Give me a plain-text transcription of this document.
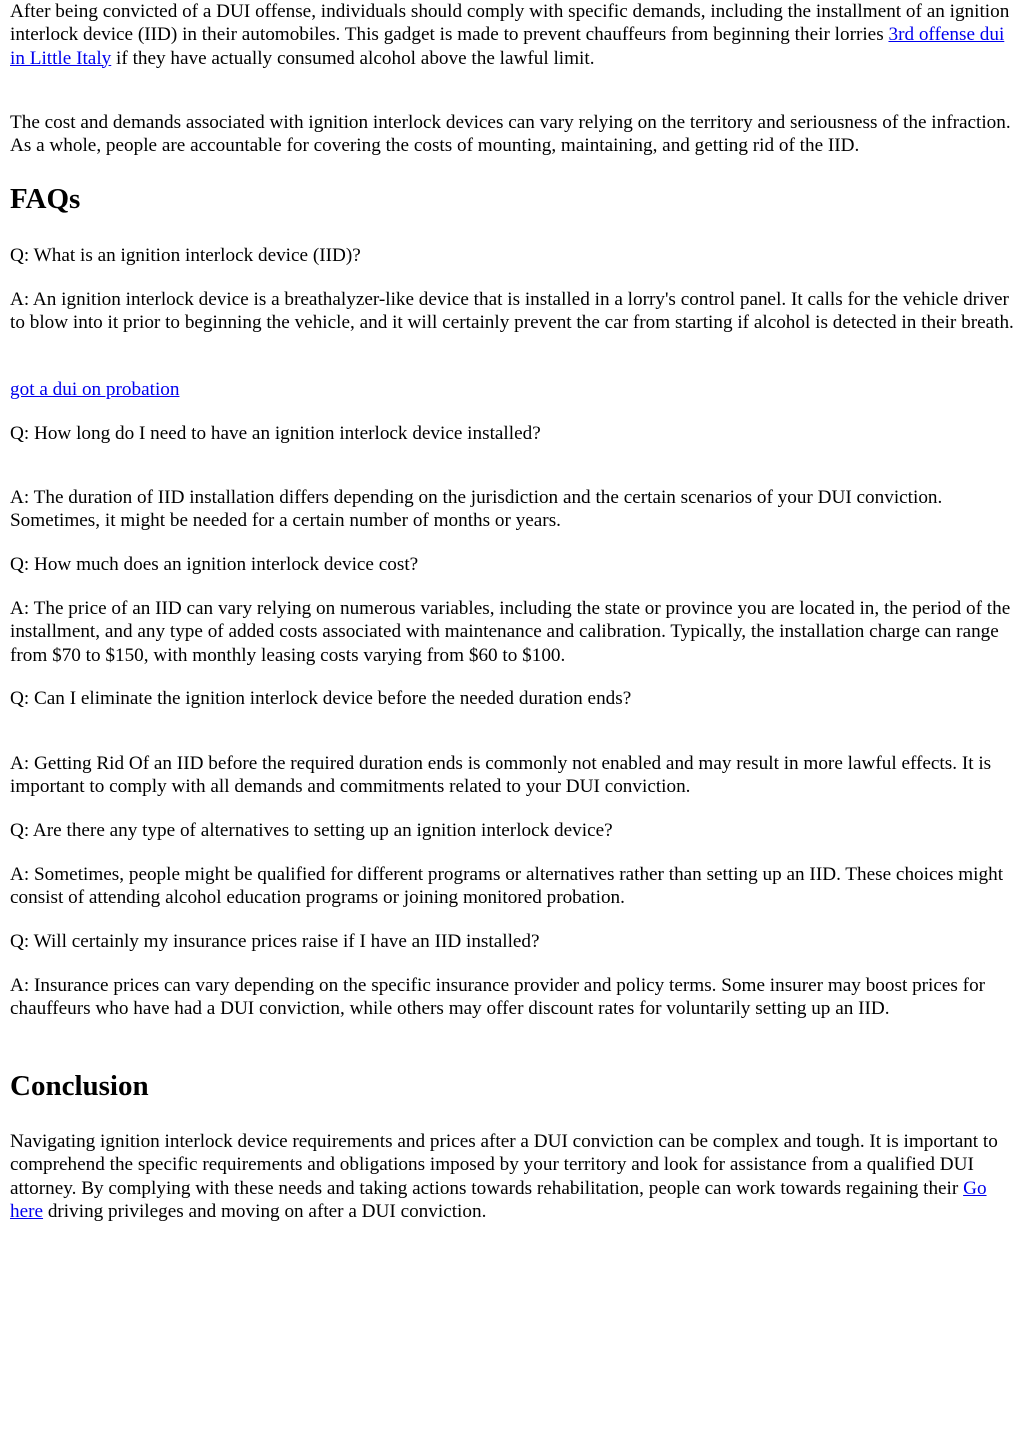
After being convicted of a DUI offense, individuals should comply with specific demands, including the installment of an ignition interlock device (IID) in their automobiles. This gadget is made to prevent chauffeurs from beginning their lorries 3rd offense dui in Little Italy if they have actually consumed alcohol above the lawful limit.

The cost and demands associated with ignition interlock devices can vary relying on the territory and seriousness of the infraction. As a whole, people are accountable for covering the costs of mounting, maintaining, and getting rid of the IID.

FAQs

Q: What is an ignition interlock device (IID)?

A: An ignition interlock device is a breathalyzer-like device that is installed in a lorry's control panel. It calls for the vehicle driver to blow into it prior to beginning the vehicle, and it will certainly prevent the car from starting if alcohol is detected in their breath.

got a dui on probation

Q: How long do I need to have an ignition interlock device installed?

A: The duration of IID installation differs depending on the jurisdiction and the certain scenarios of your DUI conviction. Sometimes, it might be needed for a certain number of months or years.

Q: How much does an ignition interlock device cost?

A: The price of an IID can vary relying on numerous variables, including the state or province you are located in, the period of the installment, and any type of added costs associated with maintenance and calibration. Typically, the installation charge can range from $70 to $150, with monthly leasing costs varying from $60 to $100.

Q: Can I eliminate the ignition interlock device before the needed duration ends?

A: Getting Rid Of an IID before the required duration ends is commonly not enabled and may result in more lawful effects. It is important to comply with all demands and commitments related to your DUI conviction.

Q: Are there any type of alternatives to setting up an ignition interlock device?

A: Sometimes, people might be qualified for different programs or alternatives rather than setting up an IID. These choices might consist of attending alcohol education programs or joining monitored probation.

Q: Will certainly my insurance prices raise if I have an IID installed?

A: Insurance prices can vary depending on the specific insurance provider and policy terms. Some insurer may boost prices for chauffeurs who have had a DUI conviction, while others may offer discount rates for voluntarily setting up an IID.

Conclusion

Navigating ignition interlock device requirements and prices after a DUI conviction can be complex and tough. It is important to comprehend the specific requirements and obligations imposed by your territory and look for assistance from a qualified DUI attorney. By complying with these needs and taking actions towards rehabilitation, people can work towards regaining their Go here driving privileges and moving on after a DUI conviction.
